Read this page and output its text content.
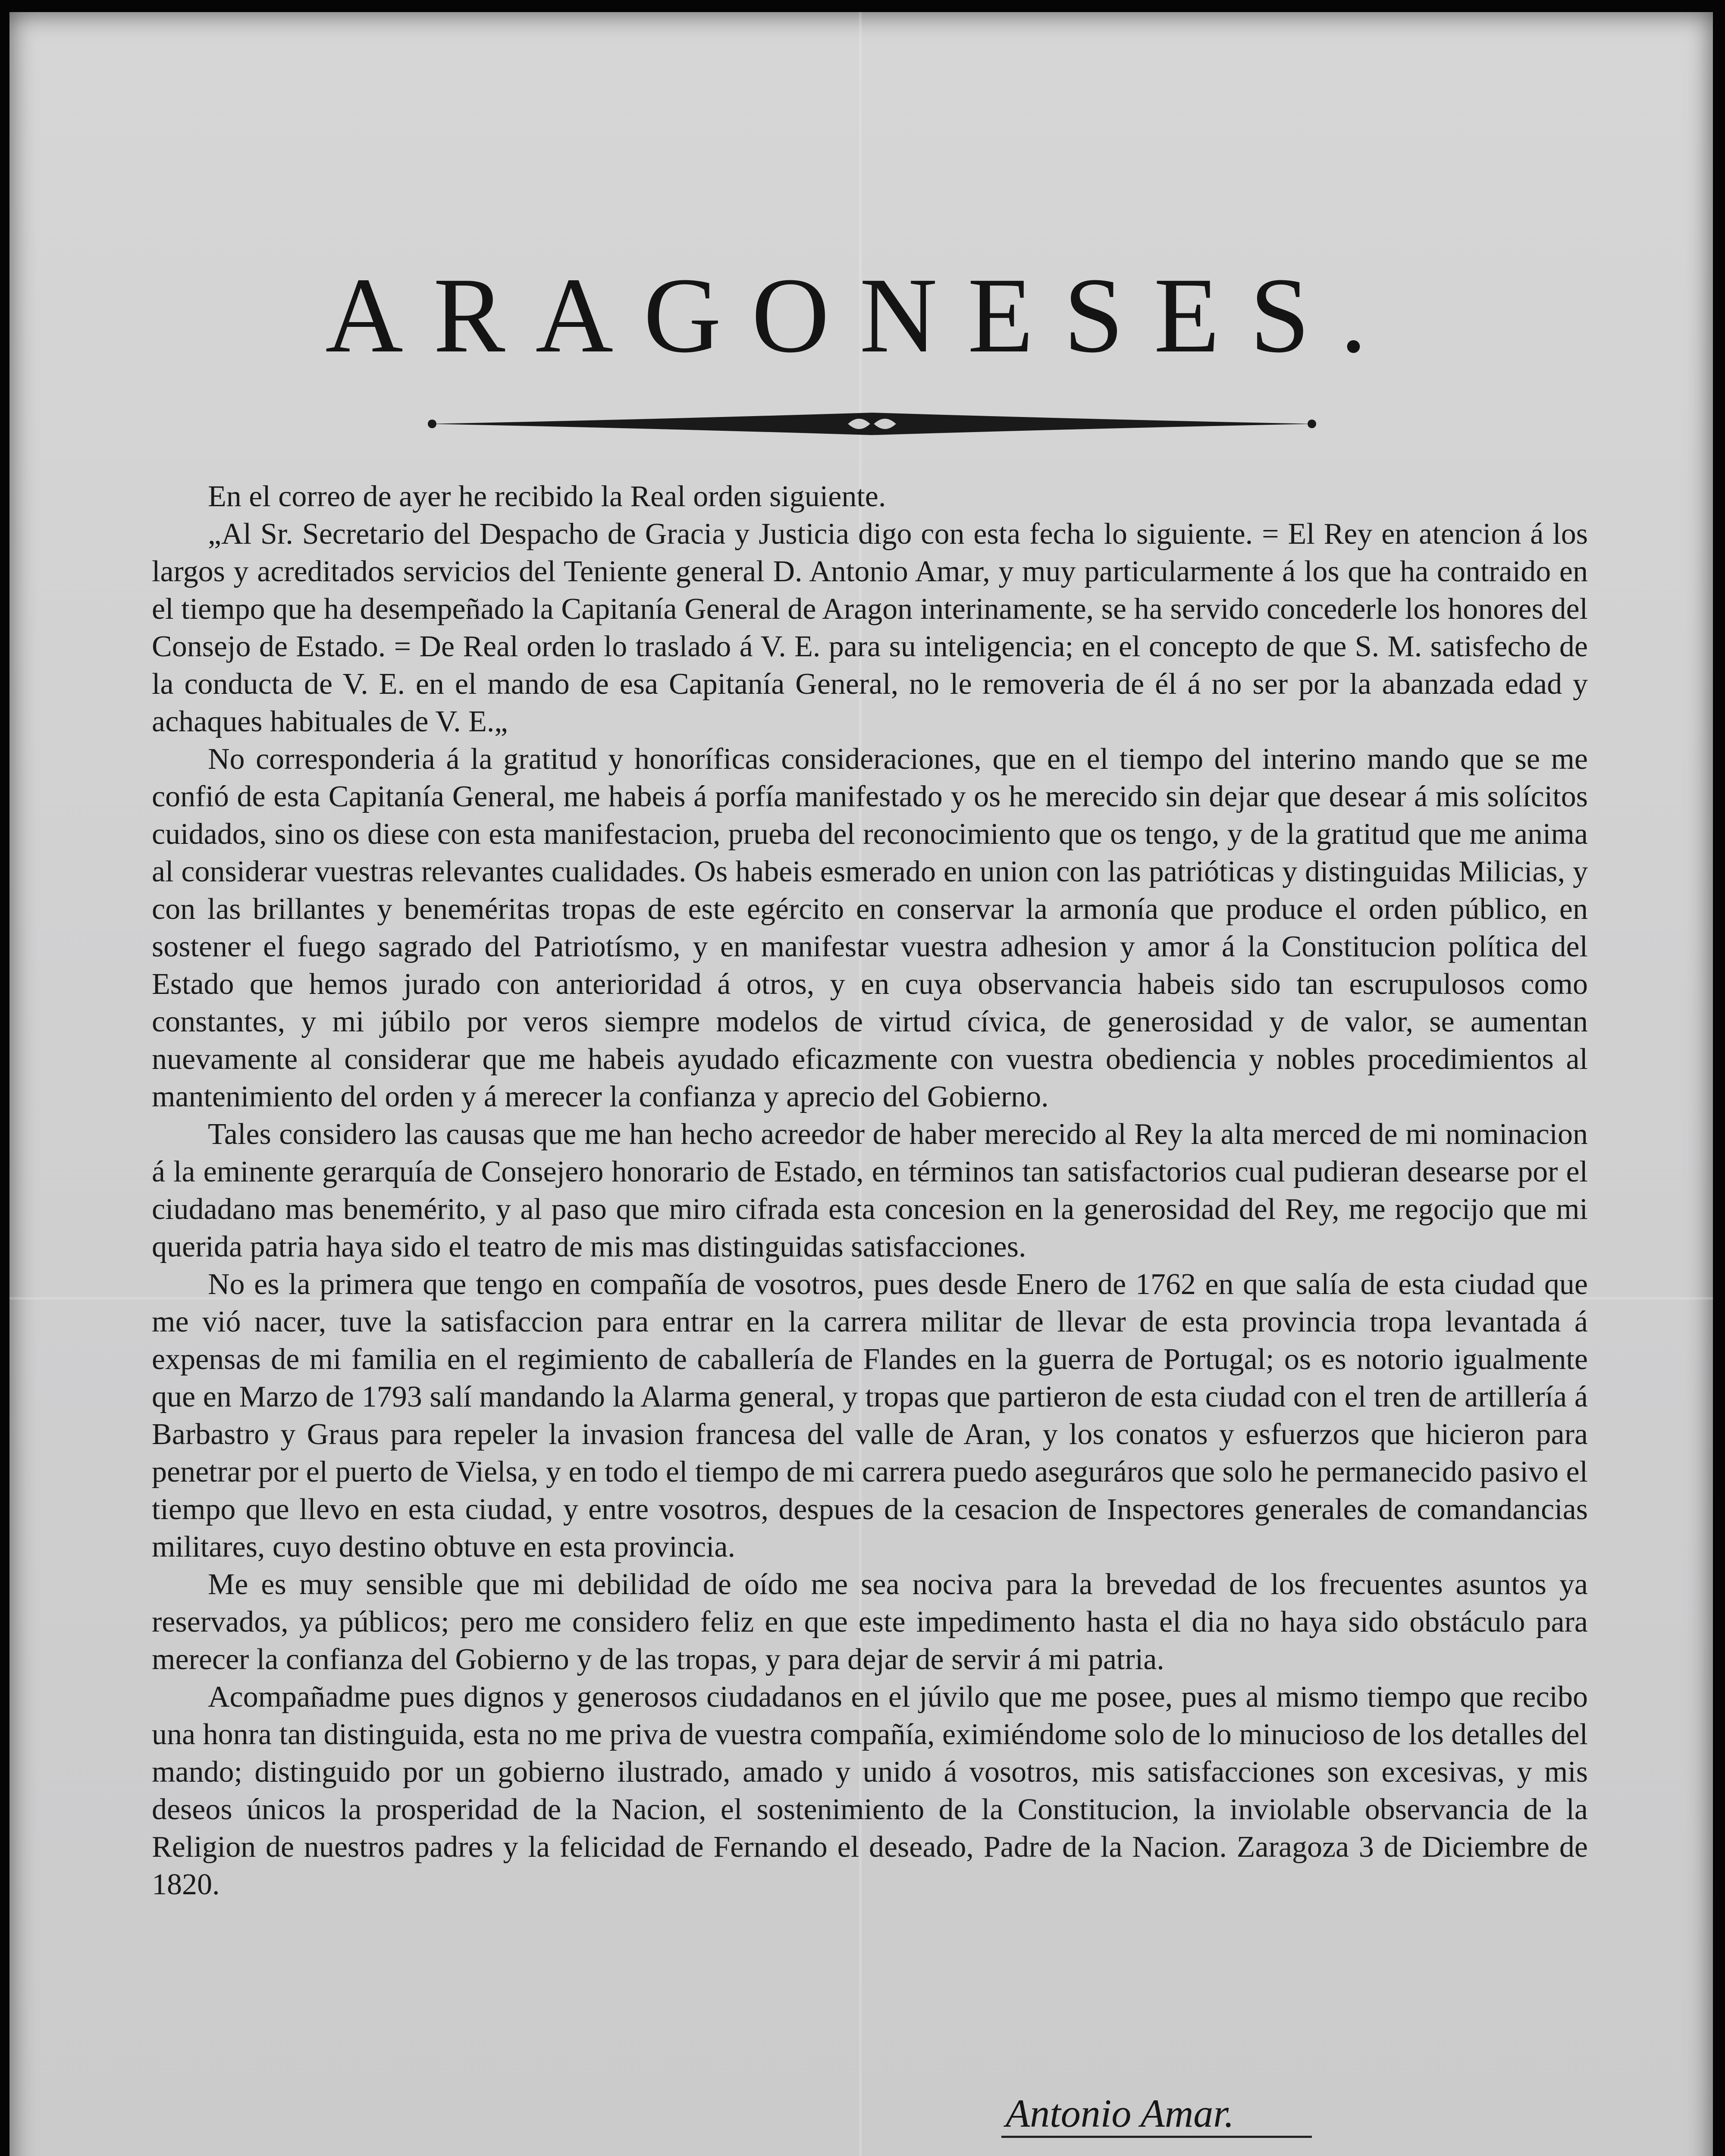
ARAGONESES.

En el correo de ayer he recibido la Real orden siguiente.

„Al Sr. Secretario del Despacho de Gracia y Justicia digo con esta fecha lo siguiente. = El Rey en atencion á los largos y acreditados servicios del Teniente general D. Antonio Amar, y muy particularmente á los que ha contraido en el tiempo que ha desempeñado la Capitanía General de Aragon interinamente, se ha servido concederle los honores del Consejo de Estado. = De Real orden lo traslado á V. E. para su inteligencia; en el concepto de que S. M. satisfecho de la conducta de V. E. en el mando de esa Capitanía General, no le removeria de él á no ser por la abanzada edad y achaques habituales de V. E.„

No corresponderia á la gratitud y honoríficas consideraciones, que en el tiempo del interino mando que se me confió de esta Capitanía General, me habeis á porfía manifestado y os he merecido sin dejar que desear á mis solícitos cuidados, sino os diese con esta manifestacion, prueba del reconocimiento que os tengo, y de la gratitud que me anima al considerar vuestras relevantes cualidades. Os habeis esmerado en union con las patrióticas y distinguidas Milicias, y con las brillantes y beneméritas tropas de este egército en conservar la armonía que produce el orden público, en sostener el fuego sagrado del Patriotísmo, y en manifestar vuestra adhesion y amor á la Constitucion política del Estado que hemos jurado con anterioridad á otros, y en cuya observancia habeis sido tan escrupulosos como constantes, y mi júbilo por veros siempre modelos de virtud cívica, de generosidad y de valor, se aumentan nuevamente al considerar que me habeis ayudado eficazmente con vuestra obediencia y nobles procedimientos al mantenimiento del orden y á merecer la confianza y aprecio del Gobierno.

Tales considero las causas que me han hecho acreedor de haber merecido al Rey la alta merced de mi nominacion á la eminente gerarquía de Consejero honorario de Estado, en términos tan satisfactorios cual pudieran desearse por el ciudadano mas benemérito, y al paso que miro cifrada esta concesion en la generosidad del Rey, me regocijo que mi querida patria haya sido el teatro de mis mas distinguidas satisfacciones.

No es la primera que tengo en compañía de vosotros, pues desde Enero de 1762 en que salía de esta ciudad que me vió nacer, tuve la satisfaccion para entrar en la carrera militar de llevar de esta provincia tropa levantada á expensas de mi familia en el regimiento de caballería de Flandes en la guerra de Portugal; os es notorio igualmente que en Marzo de 1793 salí mandando la Alarma general, y tropas que partieron de esta ciudad con el tren de artillería á Barbastro y Graus para repeler la invasion francesa del valle de Aran, y los conatos y esfuerzos que hicieron para penetrar por el puerto de Vielsa, y en todo el tiempo de mi carrera puedo aseguráros que solo he permanecido pasivo el tiempo que llevo en esta ciudad, y entre vosotros, despues de la cesacion de Inspectores generales de comandancias militares, cuyo destino obtuve en esta provincia.

Me es muy sensible que mi debilidad de oído me sea nociva para la brevedad de los frecuentes asuntos ya reservados, ya públicos; pero me considero feliz en que este impedimento hasta el dia no haya sido obstáculo para merecer la confianza del Gobierno y de las tropas, y para dejar de servir á mi patria.

Acompañadme pues dignos y generosos ciudadanos en el júvilo que me posee, pues al mismo tiempo que recibo una honra tan distinguida, esta no me priva de vuestra compañía, eximiéndome solo de lo minucioso de los detalles del mando; distinguido por un gobierno ilustrado, amado y unido á vosotros, mis satisfacciones son excesivas, y mis deseos únicos la prosperidad de la Nacion, el sostenimiento de la Constitucion, la inviolable observancia de la Religion de nuestros padres y la felicidad de Fernando el deseado, Padre de la Nacion. Zaragoza 3 de Diciembre de 1820.

Antonio Amar.
